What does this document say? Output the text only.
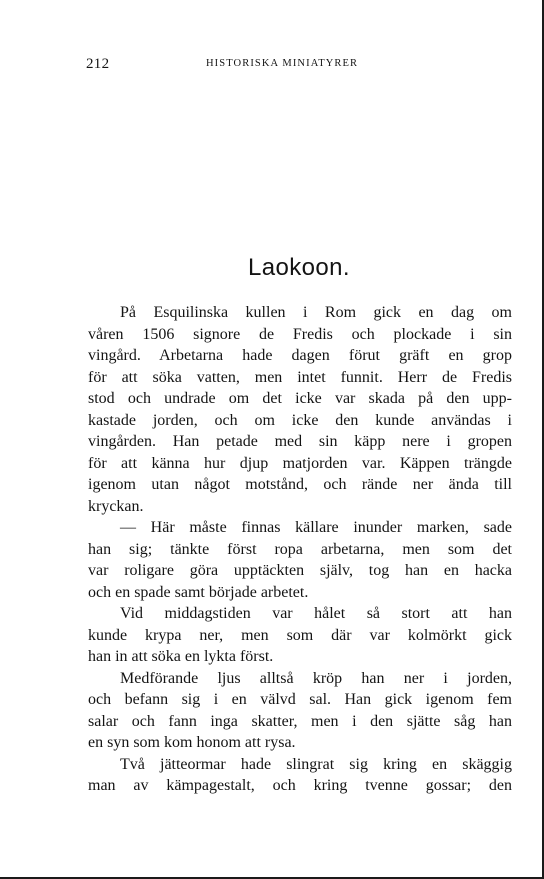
212	HISTORISKA MINIATYRER
Laokoon.
På Esquilinska kullen i Rom gick en dag om
våren 1506 signore de Fredis och plockade i sin
vingård. Arbetarna hade dagen förut gräft en grop
för att söka vatten, men intet funnit. Herr de Fredis
stod och undrade om det icke var skada på den upp-
kastade jorden, och om icke den kunde användas i
vingården. Han petade med sin käpp nere i gropen
för att känna hur djup matjorden var. Käppen trängde
igenom utan något motstånd, och rände ner ända till
kryckan.
— Här måste finnas källare inunder marken, sade
han sig; tänkte först ropa arbetarna, men som det
var roligare göra upptäckten själv, tog han en hacka
och en spade samt började arbetet.
Vid middagstiden var hålet så stort att han
kunde krypa ner, men som där var kolmörkt gick
han in att söka en lykta först.
Medförande ljus alltså kröp han ner i jorden,
och befann sig i en välvd sal. Han gick igenom fem
salar och fann inga skatter, men i den sjätte såg han
en syn som kom honom att rysa.
Två jätteormar hade slingrat sig kring en skäggig
man av kämpagestalt, och kring tvenne gossar; den
